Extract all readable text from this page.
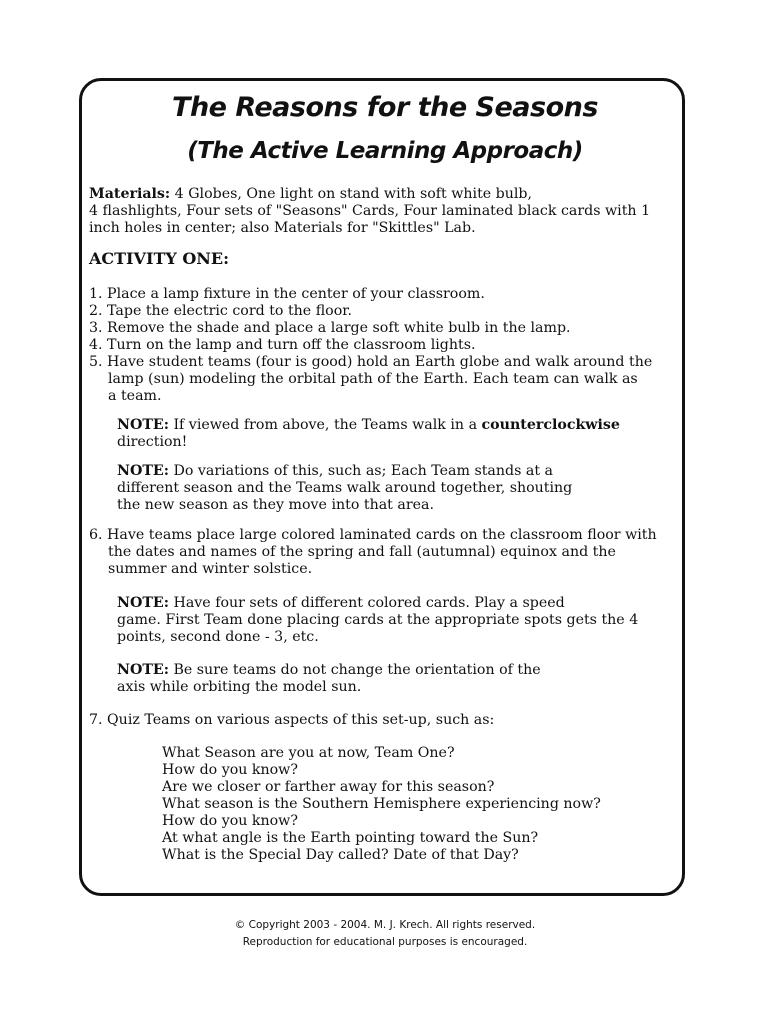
The Reasons for the Seasons
(The Active Learning Approach)
Materials: 4 Globes, One light on stand with soft white bulb,
4 flashlights, Four sets of "Seasons" Cards, Four laminated black cards with 1
inch holes in center; also Materials for "Skittles" Lab.
ACTIVITY ONE:
1. Place a lamp fixture in the center of your classroom.
2. Tape the electric cord to the floor.
3. Remove the shade and place a large soft white bulb in the lamp.
4. Turn on the lamp and turn off the classroom lights.
5. Have student teams (four is good) hold an Earth globe and walk around the
lamp (sun) modeling the orbital path of the Earth. Each team can walk as
a team.
NOTE: If viewed from above, the Teams walk in a counterclockwise
direction!
NOTE: Do variations of this, such as; Each Team stands at a
different season and the Teams walk around together, shouting
the new season as they move into that area.
6. Have teams place large colored laminated cards on the classroom floor with
the dates and names of the spring and fall (autumnal) equinox and the
summer and winter solstice.
NOTE: Have four sets of different colored cards. Play a speed
game. First Team done placing cards at the appropriate spots gets the 4
points, second done - 3, etc.
NOTE: Be sure teams do not change the orientation of the
axis while orbiting the model sun.
7. Quiz Teams on various aspects of this set-up, such as:
What Season are you at now, Team One?
How do you know?
Are we closer or farther away for this season?
What season is the Southern Hemisphere experiencing now?
How do you know?
At what angle is the Earth pointing toward the Sun?
What is the Special Day called? Date of that Day?
© Copyright 2003 - 2004. M. J. Krech. All rights reserved.
Reproduction for educational purposes is encouraged.
